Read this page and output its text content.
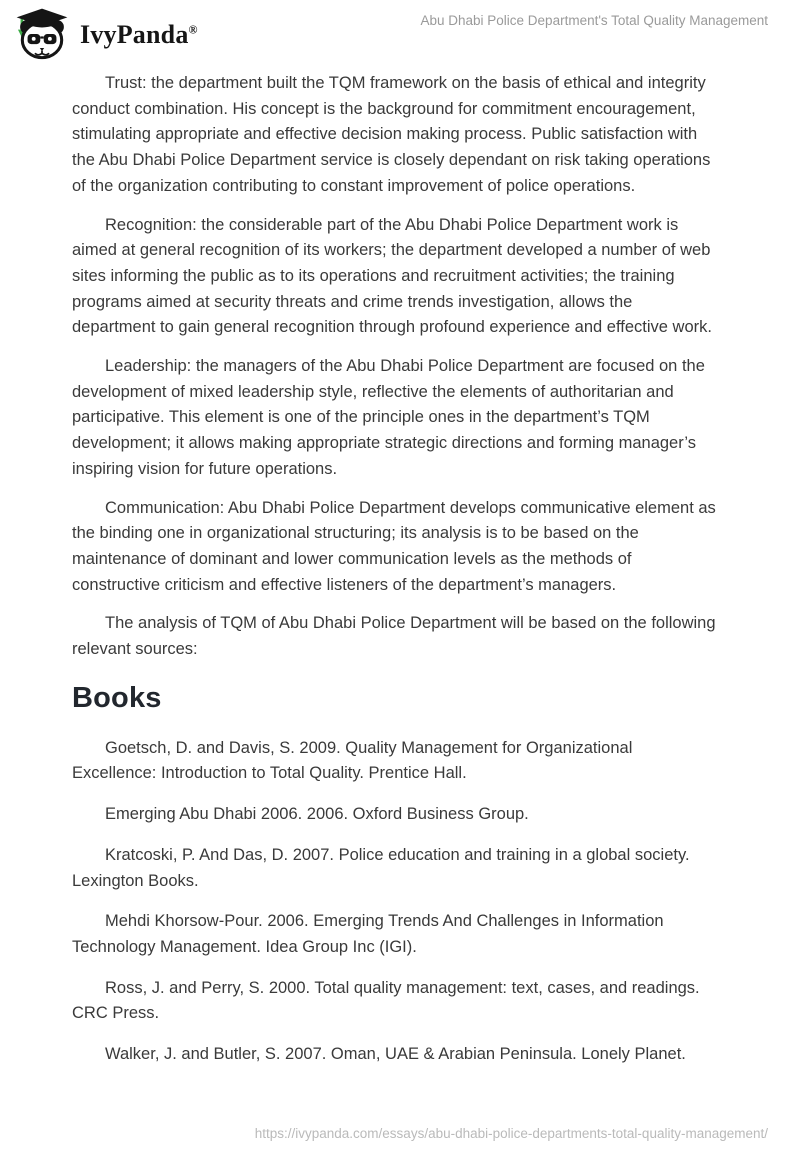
IvyPanda®
Abu Dhabi Police Department's Total Quality Management

Trust: the department built the TQM framework on the basis of ethical and integrity conduct combination. His concept is the background for commitment encouragement, stimulating appropriate and effective decision making process. Public satisfaction with the Abu Dhabi Police Department service is closely dependant on risk taking operations of the organization contributing to constant improvement of police operations.

Recognition: the considerable part of the Abu Dhabi Police Department work is aimed at general recognition of its workers; the department developed a number of web sites informing the public as to its operations and recruitment activities; the training programs aimed at security threats and crime trends investigation, allows the department to gain general recognition through profound experience and effective work.

Leadership: the managers of the Abu Dhabi Police Department are focused on the development of mixed leadership style, reflective the elements of authoritarian and participative. This element is one of the principle ones in the department’s TQM development; it allows making appropriate strategic directions and forming manager’s inspiring vision for future operations.

Communication: Abu Dhabi Police Department develops communicative element as the binding one in organizational structuring; its analysis is to be based on the maintenance of dominant and lower communication levels as the methods of constructive criticism and effective listeners of the department’s managers.

The analysis of TQM of Abu Dhabi Police Department will be based on the following relevant sources:

Books

Goetsch, D. and Davis, S. 2009. Quality Management for Organizational Excellence: Introduction to Total Quality. Prentice Hall.

Emerging Abu Dhabi 2006. 2006. Oxford Business Group.

Kratcoski, P. And Das, D. 2007. Police education and training in a global society. Lexington Books.

Mehdi Khorsow-Pour. 2006. Emerging Trends And Challenges in Information Technology Management. Idea Group Inc (IGI).

Ross, J. and Perry, S. 2000. Total quality management: text, cases, and readings. CRC Press.

Walker, J. and Butler, S. 2007. Oman, UAE & Arabian Peninsula. Lonely Planet.

https://ivypanda.com/essays/abu-dhabi-police-departments-total-quality-management/
